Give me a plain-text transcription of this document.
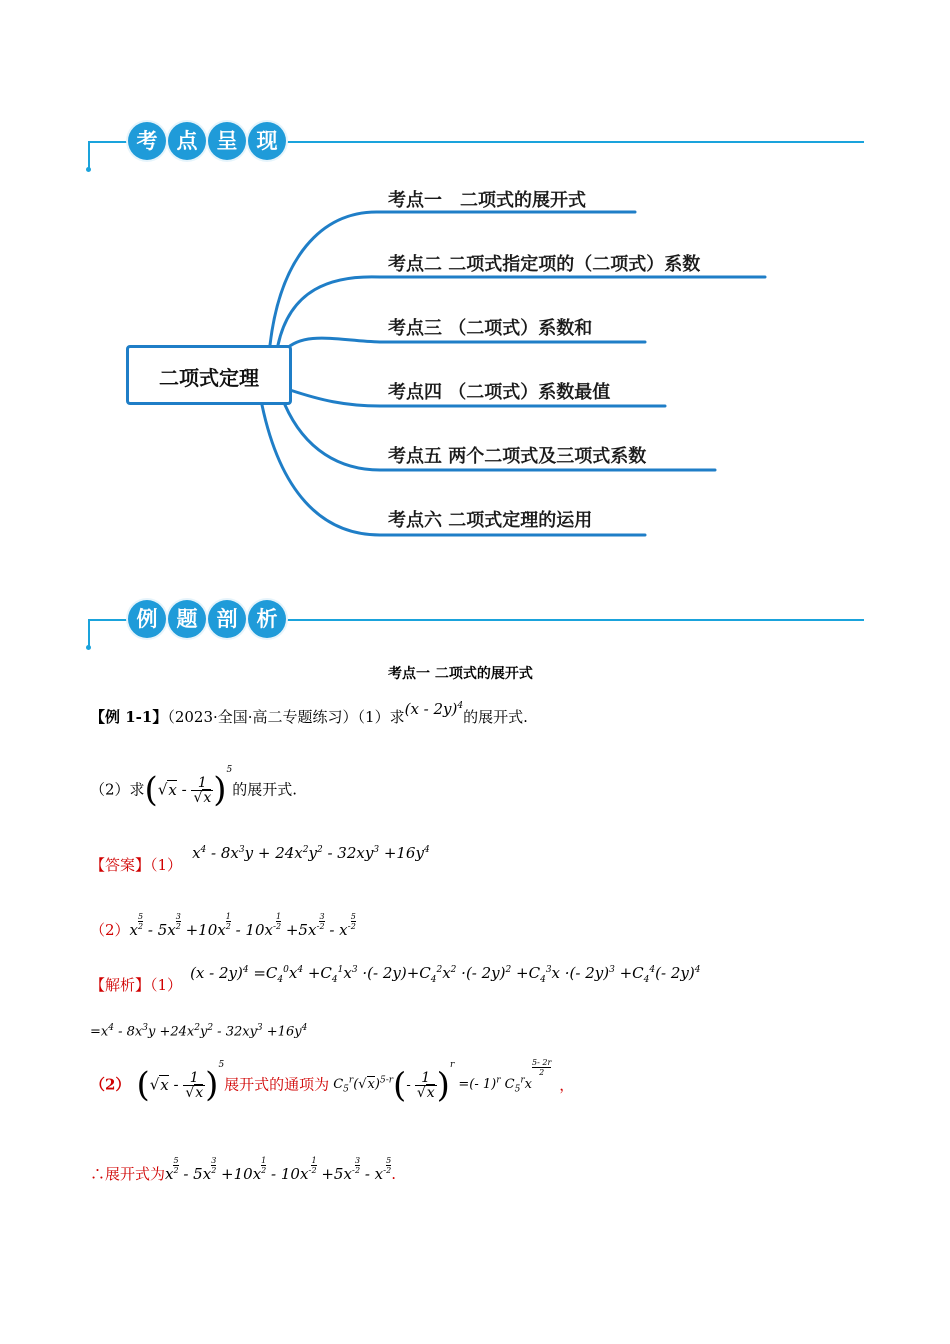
考 点 呈 现
二项式定理
考点一　二项式的展开式
考点二 二项式指定项的（二项式）系数
考点三 （二项式）系数和
考点四 （二项式）系数最值
考点五 两个二项式及三项式系数
考点六 二项式定理的运用
例 题 剖 析
考点一 二项式的展开式
【例 1-1】（2023·全国·高二专题练习）（1）求(x - 2y)$^4$的展开式.
（2）求$(√x - \frac{1}{√x} )^5$的展开式.
【答案】$(1)x^4 - 8x^3y + 24x^2y^2 - 32xy^3 +16y^4$
$(2)x \frac{5}{2} - 5x \frac{3}{2} +10x \frac{1}{2} - 10x^- \frac{1}{2} +5x^- \frac{3}{2} - x^- \frac{5}{2}$
【解析】$(1)(x - 2y)^4 =C_4^0x^4 +C_4^1x^3$ ·(- $2y)+C_4^2x^2$ ·(- $2y)^2 +C_4^3x$ ·(- $2y)^3 +C_4^4(-$ 2y)$^4$
$=x^4 - 8x^3y +24x^2y^2 - 32xy^3 +16y^4$
（2） $(√x - \frac{1}{√x} )^5$展开式的通项为 $C_5^r(√x)^{5-r}(- \frac{1}{√x} )^r$ =(- 1)$^r$ $C_5^rx$
$\frac{5- 2r}{2}$
，
∴展开式为x $\frac{5}{2} - 5x \frac{3}{2} +10x \frac{1}{2} - 10x^- \frac{1}{2} +5x^- \frac{3}{2} - x^- \frac{5}{2}$ .
